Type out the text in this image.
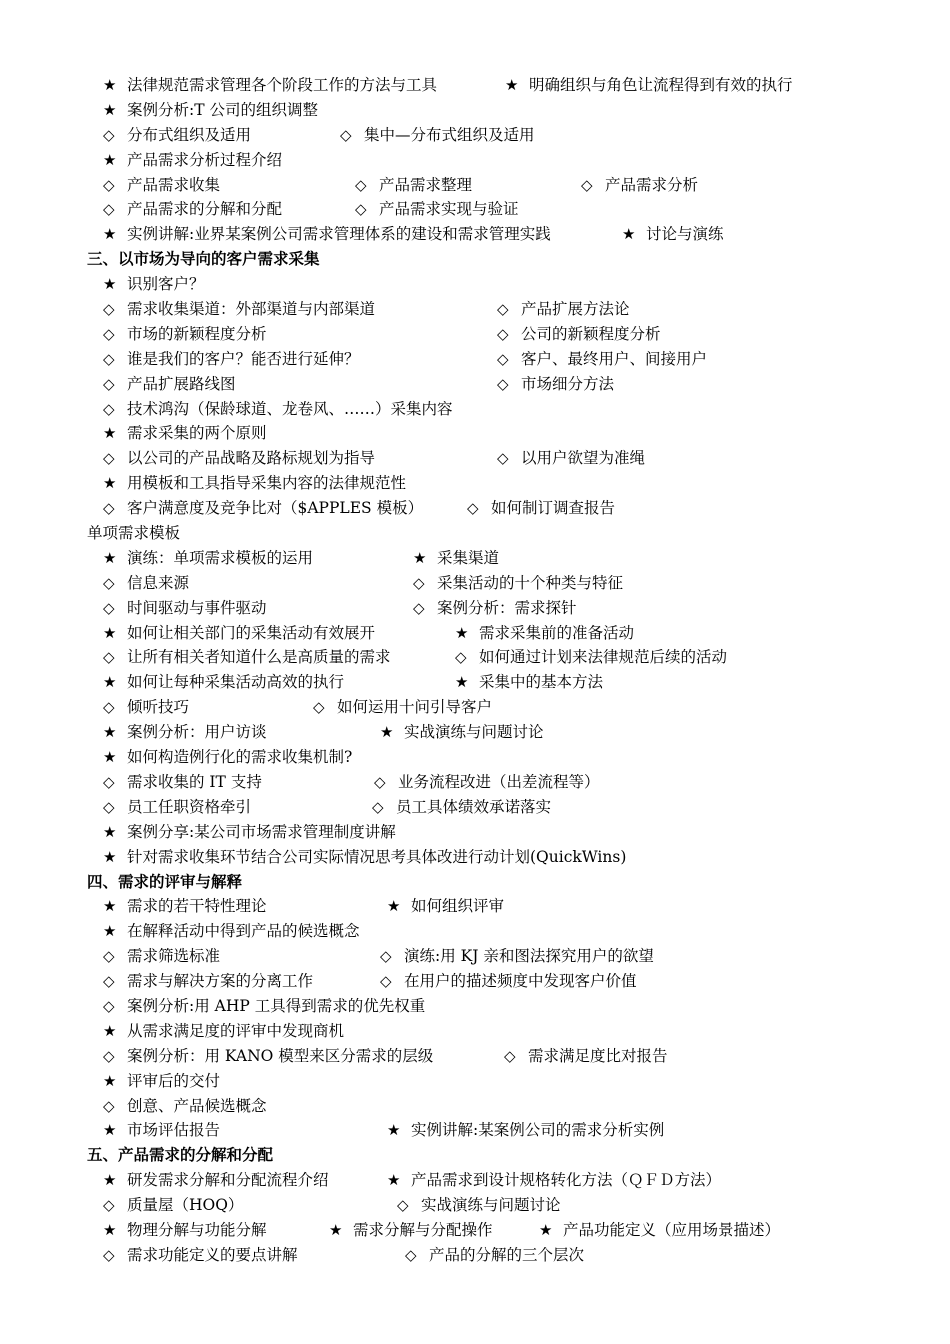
★ 法律规范需求管理各个阶段工作的方法与工具	★ 明确组织与角色让流程得到有效的执行
★ 案例分析:T 公司的组织调整
◇ 分布式组织及适用	◇ 集中—分布式组织及适用
★ 产品需求分析过程介绍
◇ 产品需求收集	◇ 产品需求整理	◇ 产品需求分析
◇ 产品需求的分解和分配	◇ 产品需求实现与验证
★ 实例讲解:业界某案例公司需求管理体系的建设和需求管理实践	★ 讨论与演练
三、以市场为导向的客户需求采集
★ 识别客户？
◇ 需求收集渠道：外部渠道与内部渠道	◇ 产品扩展方法论
◇ 市场的新颖程度分析	◇ 公司的新颖程度分析
◇ 谁是我们的客户？能否进行延伸？	◇ 客户、最终用户、间接用户
◇ 产品扩展路线图	◇ 市场细分方法
◇ 技术鸿沟（保龄球道、龙卷风、……）采集内容
★ 需求采集的两个原则
◇ 以公司的产品战略及路标规划为指导	◇ 以用户欲望为准绳
★ 用模板和工具指导采集内容的法律规范性
◇ 客户满意度及竞争比对（$APPLES 模板）	◇ 如何制订调查报告
单项需求模板
★ 演练：单项需求模板的运用	★ 采集渠道
◇ 信息来源	◇ 采集活动的十个种类与特征
◇ 时间驱动与事件驱动	◇ 案例分析：需求探针
★ 如何让相关部门的采集活动有效展开	★ 需求采集前的准备活动
◇ 让所有相关者知道什么是高质量的需求	◇ 如何通过计划来法律规范后续的活动
★ 如何让每种采集活动高效的执行	★ 采集中的基本方法
◇ 倾听技巧	◇ 如何运用十问引导客户
★ 案例分析：用户访谈	★ 实战演练与问题讨论
★ 如何构造例行化的需求收集机制?
◇ 需求收集的 IT 支持	◇ 业务流程改进（出差流程等）
◇ 员工任职资格牵引	◇ 员工具体绩效承诺落实
★ 案例分享:某公司市场需求管理制度讲解
★ 针对需求收集环节结合公司实际情况思考具体改进行动计划(QuickWins)
四、需求的评审与解释
★ 需求的若干特性理论	★ 如何组织评审
★ 在解释活动中得到产品的候选概念
◇ 需求筛选标准	◇ 演练:用 KJ 亲和图法探究用户的欲望
◇ 需求与解决方案的分离工作	◇ 在用户的描述频度中发现客户价值
◇ 案例分析:用 AHP 工具得到需求的优先权重
★ 从需求满足度的评审中发现商机
◇ 案例分析：用 KANO 模型来区分需求的层级	◇ 需求满足度比对报告
★ 评审后的交付
◇ 创意、产品候选概念
★ 市场评估报告	★ 实例讲解:某案例公司的需求分析实例
五、产品需求的分解和分配
★ 研发需求分解和分配流程介绍	★ 产品需求到设计规格转化方法（ＱＦＤ方法）
◇ 质量屋（HOQ）	◇ 实战演练与问题讨论
★ 物理分解与功能分解	★ 需求分解与分配操作	★ 产品功能定义（应用场景描述）
◇ 需求功能定义的要点讲解	◇ 产品的分解的三个层次
